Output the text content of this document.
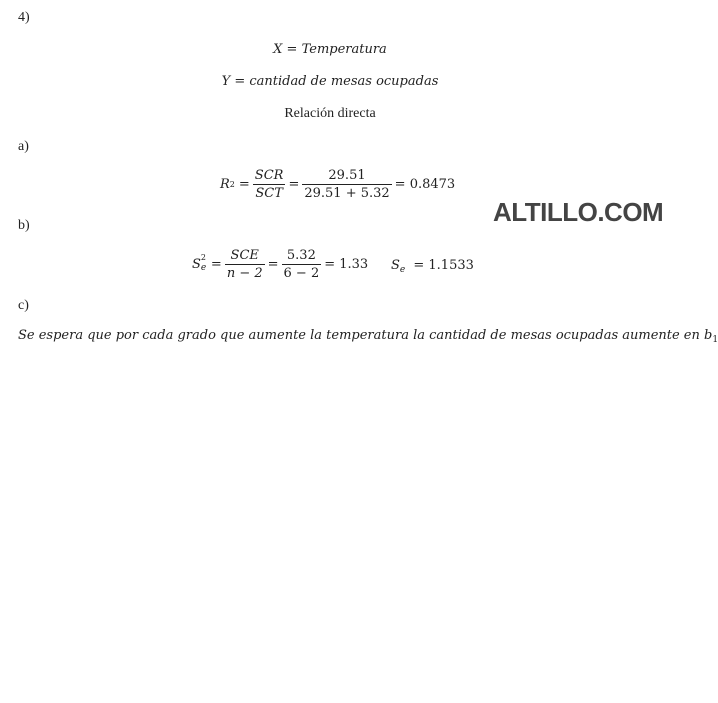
4)
X = Temperatura
Y = cantidad de mesas ocupadas
Relación directa
a)
R $2 = \frac{\text{SCR}}{\text{SCT}} = \frac{29.51}{29.51 + 5.32} = 0.8473$
ALTILLO.COM
b)
S 2
$e = \frac{\text{SCE}}{n - 2} = \frac{5.32}{6 - 2} = 1.33$ $S_e = 1.1533$
c)
Se espera que por cada grado que aumente la temperatura la cantidad de mesas ocupadas aumente en $b_1$
